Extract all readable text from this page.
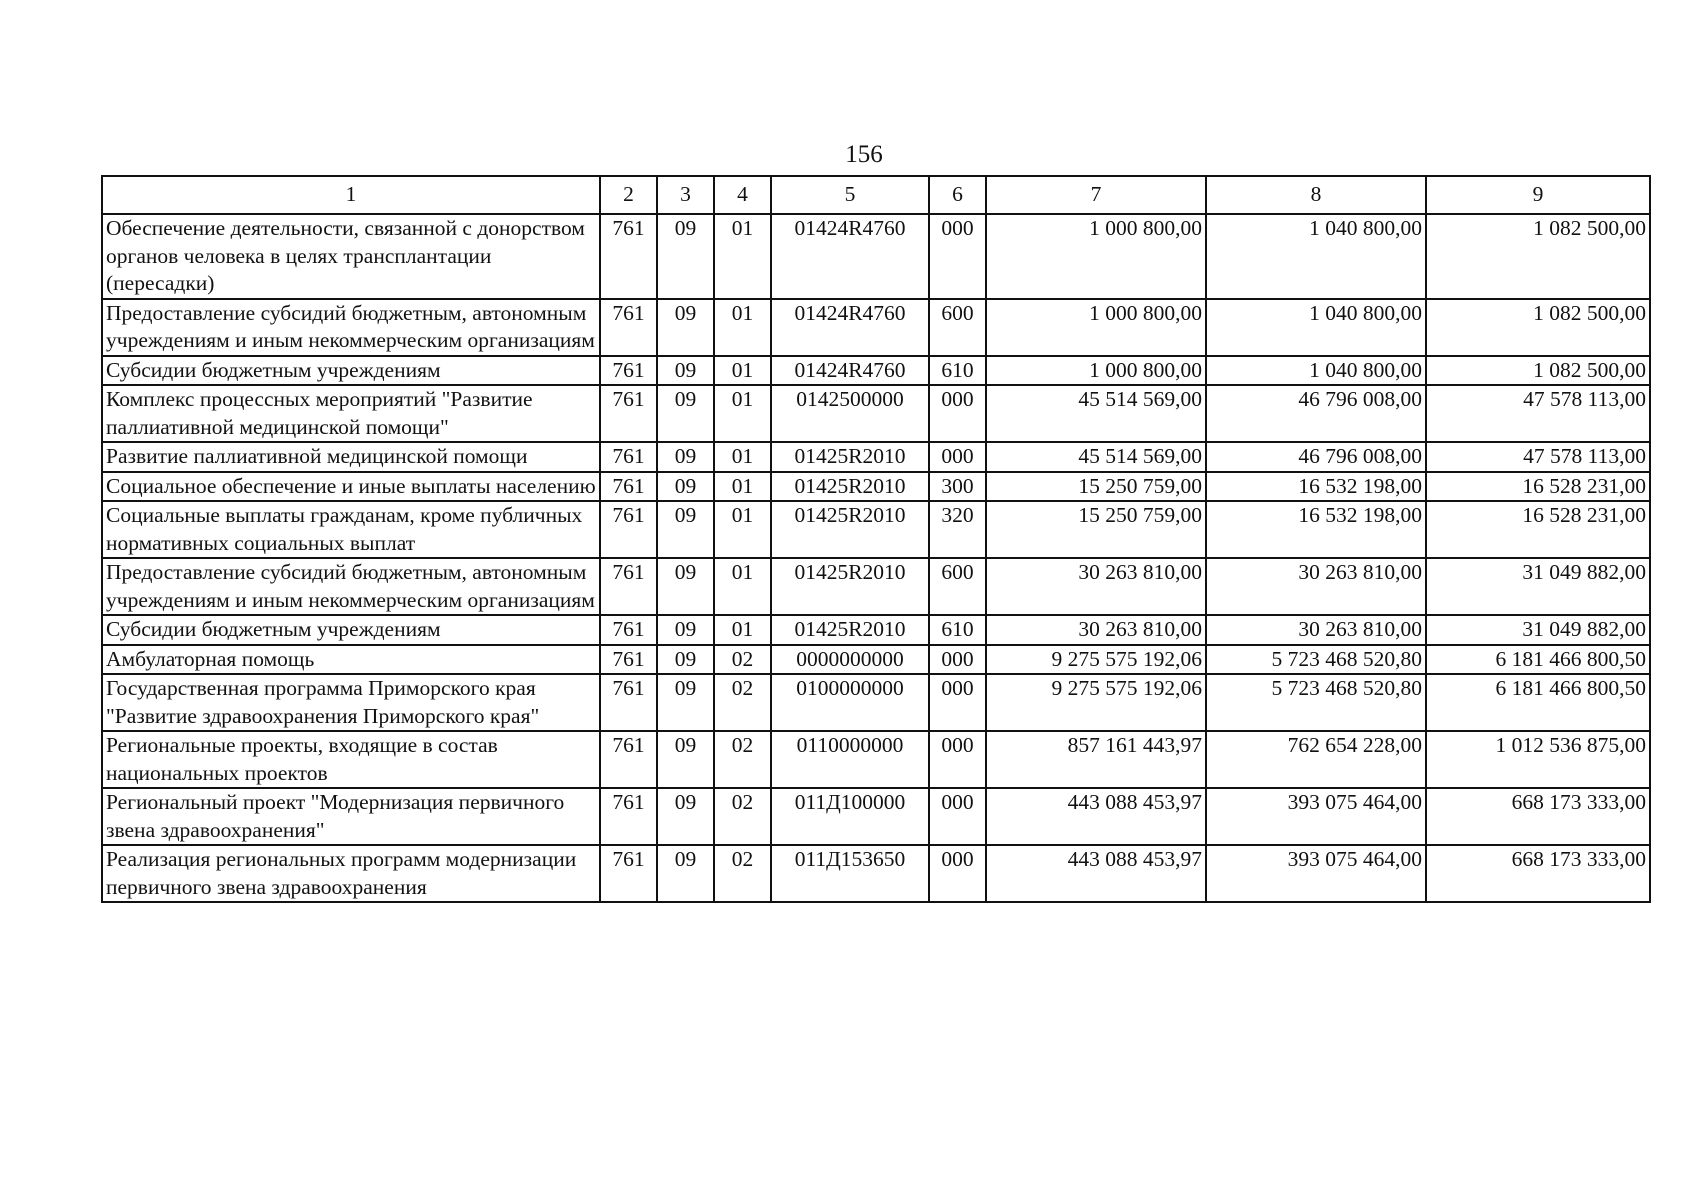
156
1	2	3	4	5	6	7	8	9
Обеспечение деятельности, связанной с донорством органов человека в целях трансплантации (пересадки)	761	09	01	01424R4760	000	1 000 800,00	1 040 800,00	1 082 500,00
Предоставление субсидий бюджетным, автономным учреждениям и иным некоммерческим организациям	761	09	01	01424R4760	600	1 000 800,00	1 040 800,00	1 082 500,00
Субсидии бюджетным учреждениям	761	09	01	01424R4760	610	1 000 800,00	1 040 800,00	1 082 500,00
Комплекс процессных мероприятий "Развитие паллиативной медицинской помощи"	761	09	01	0142500000	000	45 514 569,00	46 796 008,00	47 578 113,00
Развитие паллиативной медицинской помощи	761	09	01	01425R2010	000	45 514 569,00	46 796 008,00	47 578 113,00
Социальное обеспечение и иные выплаты населению	761	09	01	01425R2010	300	15 250 759,00	16 532 198,00	16 528 231,00
Социальные выплаты гражданам, кроме публичных нормативных социальных выплат	761	09	01	01425R2010	320	15 250 759,00	16 532 198,00	16 528 231,00
Предоставление субсидий бюджетным, автономным учреждениям и иным некоммерческим организациям	761	09	01	01425R2010	600	30 263 810,00	30 263 810,00	31 049 882,00
Субсидии бюджетным учреждениям	761	09	01	01425R2010	610	30 263 810,00	30 263 810,00	31 049 882,00
Амбулаторная помощь	761	09	02	0000000000	000	9 275 575 192,06	5 723 468 520,80	6 181 466 800,50
Государственная программа Приморского края "Развитие здравоохранения Приморского края"	761	09	02	0100000000	000	9 275 575 192,06	5 723 468 520,80	6 181 466 800,50
Региональные проекты, входящие в состав национальных проектов	761	09	02	0110000000	000	857 161 443,97	762 654 228,00	1 012 536 875,00
Региональный проект "Модернизация первичного звена здравоохранения"	761	09	02	011Д100000	000	443 088 453,97	393 075 464,00	668 173 333,00
Реализация региональных программ модернизации первичного звена здравоохранения	761	09	02	011Д153650	000	443 088 453,97	393 075 464,00	668 173 333,00
